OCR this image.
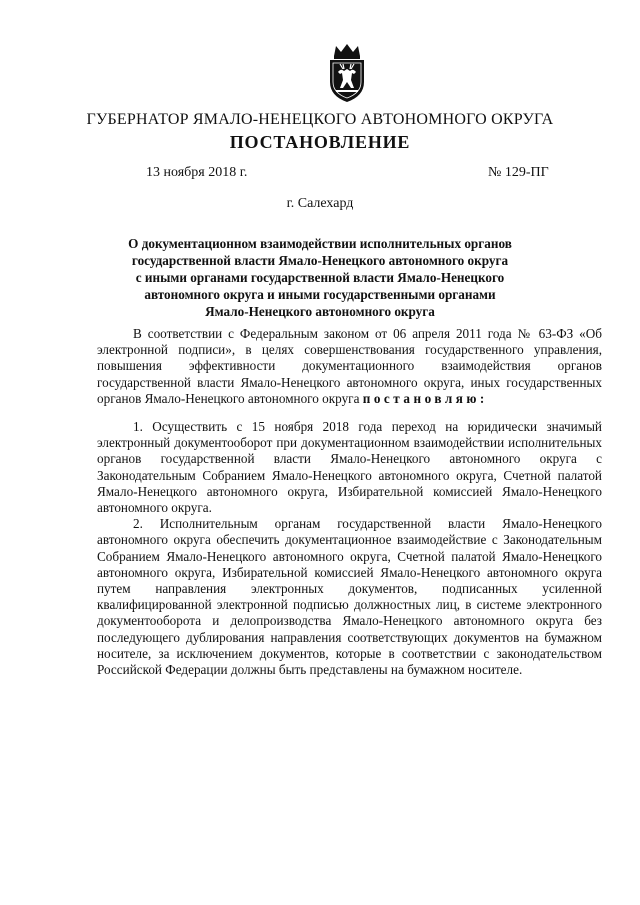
ГУБЕРНАТОР ЯМАЛО-НЕНЕЦКОГО АВТОНОМНОГО ОКРУГА
ПОСТАНОВЛЕНИЕ
13 ноября 2018 г.	№ 129-ПГ
г. Салехард
О документационном взаимодействии исполнительных органов
государственной власти Ямало-Ненецкого автономного округа
с иными органами государственной власти Ямало-Ненецкого
автономного округа и иными государственными органами
Ямало-Ненецкого автономного округа

В соответствии с Федеральным законом от 06 апреля 2011 года № 63-ФЗ «Об электронной подписи», в целях совершенствования государственного управления, повышения эффективности документационного взаимодействия органов государственной власти Ямало-Ненецкого автономного округа, иных государственных органов Ямало-Ненецкого автономного округа постановляю:

1. Осуществить с 15 ноября 2018 года переход на юридически значимый электронный документооборот при документационном взаимодействии исполнительных органов государственной власти Ямало-Ненецкого автономного округа с Законодательным Собранием Ямало-Ненецкого автономного округа, Счетной палатой Ямало-Ненецкого автономного округа, Избирательной комиссией Ямало-Ненецкого автономного округа.

2. Исполнительным органам государственной власти Ямало-Ненецкого автономного округа обеспечить документационное взаимодействие с Законодательным Собранием Ямало-Ненецкого автономного округа, Счетной палатой Ямало-Ненецкого автономного округа, Избирательной комиссией Ямало-Ненецкого автономного округа путем направления электронных документов, подписанных усиленной квалифицированной электронной подписью должностных лиц, в системе электронного документооборота и делопроизводства Ямало-Ненецкого автономного округа без последующего дублирования направления соответствующих документов на бумажном носителе, за исключением документов, которые в соответствии с законодательством Российской Федерации должны быть представлены на бумажном носителе.
